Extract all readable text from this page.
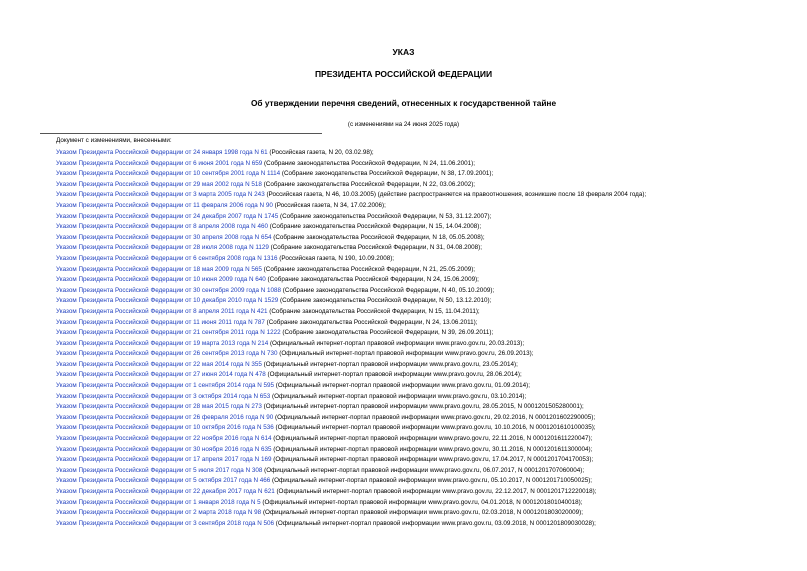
УКАЗ
ПРЕЗИДЕНТА РОССИЙСКОЙ ФЕДЕРАЦИИ
Об утверждении перечня сведений, отнесенных к государственной тайне
(с изменениями на 24 июня 2025 года)
Документ с изменениями, внесенными:
Указом Президента Российской Федерации от 24 января 1998 года N 61 (Российская газета, N 20, 03.02.98);
Указом Президента Российской Федерации от 6 июня 2001 года N 659 (Собрание законодательства Российской Федерации, N 24, 11.06.2001);
Указом Президента Российской Федерации от 10 сентября 2001 года N 1114 (Собрание законодательства Российской Федерации, N 38, 17.09.2001);
Указом Президента Российской Федерации от 29 мая 2002 года N 518 (Собрание законодательства Российской Федерации, N 22, 03.06.2002);
Указом Президента Российской Федерации от 3 марта 2005 года N 243 (Российская газета, N 46, 10.03.2005) (действие распространяется на правоотношения, возникшие после 18 февраля 2004 года);
Указом Президента Российской Федерации от 11 февраля 2006 года N 90 (Российская газета, N 34, 17.02.2006);
Указом Президента Российской Федерации от 24 декабря 2007 года N 1745 (Собрание законодательства Российской Федерации, N 53, 31.12.2007);
Указом Президента Российской Федерации от 8 апреля 2008 года N 460 (Собрание законодательства Российской Федерации, N 15, 14.04.2008);
Указом Президента Российской Федерации от 30 апреля 2008 года N 654 (Собрание законодательства Российской Федерации, N 18, 05.05.2008);
Указом Президента Российской Федерации от 28 июля 2008 года N 1129 (Собрание законодательства Российской Федерации, N 31, 04.08.2008);
Указом Президента Российской Федерации от 6 сентября 2008 года N 1316 (Российская газета, N 190, 10.09.2008);
Указом Президента Российской Федерации от 18 мая 2009 года N 565 (Собрание законодательства Российской Федерации, N 21, 25.05.2009);
Указом Президента Российской Федерации от 10 июня 2009 года N 640 (Собрание законодательства Российской Федерации, N 24, 15.06.2009);
Указом Президента Российской Федерации от 30 сентября 2009 года N 1088 (Собрание законодательства Российской Федерации, N 40, 05.10.2009);
Указом Президента Российской Федерации от 10 декабря 2010 года N 1529 (Собрание законодательства Российской Федерации, N 50, 13.12.2010);
Указом Президента Российской Федерации от 8 апреля 2011 года N 421 (Собрание законодательства Российской Федерации, N 15, 11.04.2011);
Указом Президента Российской Федерации от 11 июня 2011 года N 787 (Собрание законодательства Российской Федерации, N 24, 13.06.2011);
Указом Президента Российской Федерации от 21 сентября 2011 года N 1222 (Собрание законодательства Российской Федерации, N 39, 26.09.2011);
Указом Президента Российской Федерации от 19 марта 2013 года N 214 (Официальный интернет-портал правовой информации www.pravo.gov.ru, 20.03.2013);
Указом Президента Российской Федерации от 26 сентября 2013 года N 730 (Официальный интернет-портал правовой информации www.pravo.gov.ru, 26.09.2013);
Указом Президента Российской Федерации от 22 мая 2014 года N 355 (Официальный интернет-портал правовой информации www.pravo.gov.ru, 23.05.2014);
Указом Президента Российской Федерации от 27 июня 2014 года N 478 (Официальный интернет-портал правовой информации www.pravo.gov.ru, 28.06.2014);
Указом Президента Российской Федерации от 1 сентября 2014 года N 595 (Официальный интернет-портал правовой информации www.pravo.gov.ru, 01.09.2014);
Указом Президента Российской Федерации от 3 октября 2014 года N 653 (Официальный интернет-портал правовой информации www.pravo.gov.ru, 03.10.2014);
Указом Президента Российской Федерации от 28 мая 2015 года N 273 (Официальный интернет-портал правовой информации www.pravo.gov.ru, 28.05.2015, N 0001201505280001);
Указом Президента Российской Федерации от 26 февраля 2016 года N 90 (Официальный интернет-портал правовой информации www.pravo.gov.ru, 29.02.2016, N 0001201602290005);
Указом Президента Российской Федерации от 10 октября 2016 года N 536 (Официальный интернет-портал правовой информации www.pravo.gov.ru, 10.10.2016, N 0001201610100035);
Указом Президента Российской Федерации от 22 ноября 2016 года N 614 (Официальный интернет-портал правовой информации www.pravo.gov.ru, 22.11.2016, N 0001201611220047);
Указом Президента Российской Федерации от 30 ноября 2016 года N 635 (Официальный интернет-портал правовой информации www.pravo.gov.ru, 30.11.2016, N 0001201611300004);
Указом Президента Российской Федерации от 17 апреля 2017 года N 169 (Официальный интернет-портал правовой информации www.pravo.gov.ru, 17.04.2017, N 0001201704170053);
Указом Президента Российской Федерации от 5 июля 2017 года N 308 (Официальный интернет-портал правовой информации www.pravo.gov.ru, 06.07.2017, N 0001201707060004);
Указом Президента Российской Федерации от 5 октября 2017 года N 466 (Официальный интернет-портал правовой информации www.pravo.gov.ru, 05.10.2017, N 0001201710050025);
Указом Президента Российской Федерации от 22 декабря 2017 года N 621 (Официальный интернет-портал правовой информации www.pravo.gov.ru, 22.12.2017, N 0001201712220018);
Указом Президента Российской Федерации от 1 января 2018 года N 5 (Официальный интернет-портал правовой информации www.pravo.gov.ru, 04.01.2018, N 0001201801040018);
Указом Президента Российской Федерации от 2 марта 2018 года N 98 (Официальный интернет-портал правовой информации www.pravo.gov.ru, 02.03.2018, N 0001201803020009);
Указом Президента Российской Федерации от 3 сентября 2018 года N 506 (Официальный интернет-портал правовой информации www.pravo.gov.ru, 03.09.2018, N 0001201809030028);
